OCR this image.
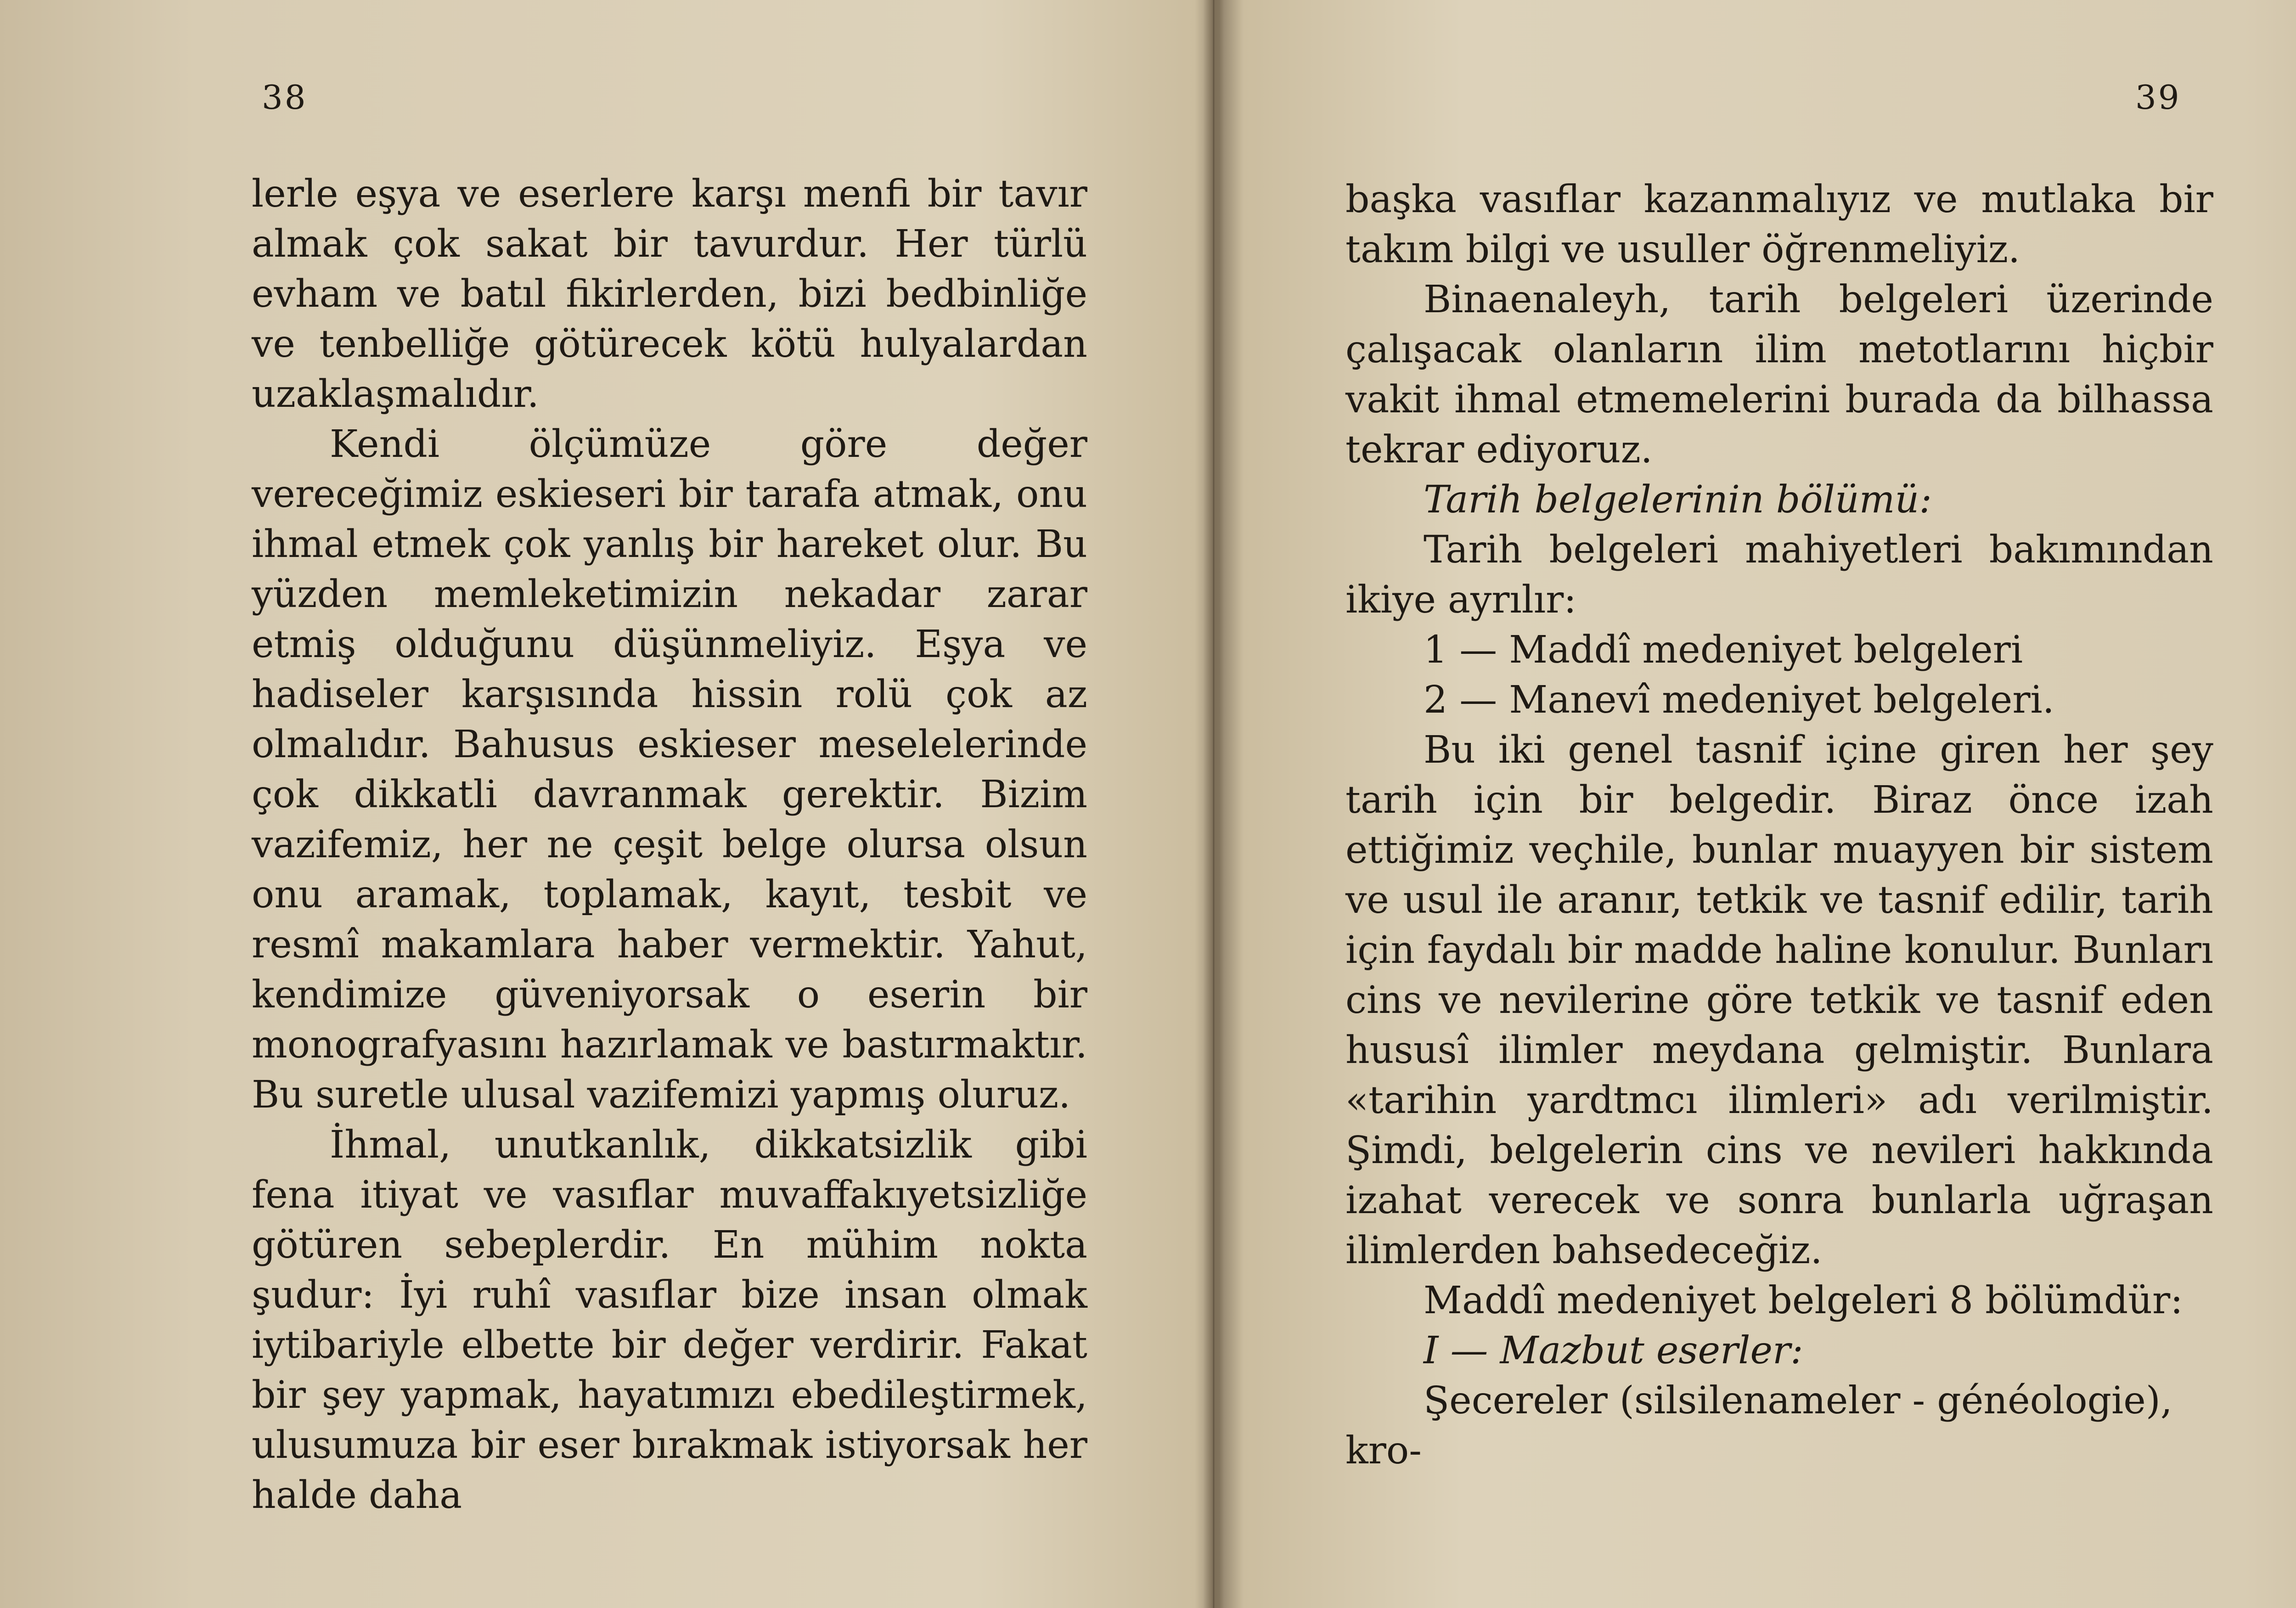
38

lerle eşya ve eserlere karşı menfi bir tavır almak çok sakat bir tavurdur. Her türlü evham ve batıl fikirlerden, bizi bedbinliğe ve tenbelliğe götürecek kötü hulyalardan uzaklaşmalıdır.

Kendi ölçümüze göre değer vereceğimiz eskieseri bir tarafa atmak, onu ihmal etmek çok yanlış bir hareket olur. Bu yüzden memleketimizin nekadar zarar etmiş olduğunu düşünmeliyiz. Eşya ve hadiseler karşısında hissin rolü çok az olmalıdır. Bahusus eskieser meselelerinde çok dikkatli davranmak gerektir. Bizim vazifemiz, her ne çeşit belge olursa olsun onu aramak, toplamak, kayıt, tesbit ve resmî makamlara haber vermektir. Yahut, kendimize güveniyorsak o eserin bir monografyasını hazırlamak ve bastırmaktır. Bu suretle ulusal vazifemizi yapmış oluruz.

İhmal, unutkanlık, dikkatsizlik gibi fena itiyat ve vasıflar muvaffakıyetsizliğe götüren sebeplerdir. En mühim nokta şudur: İyi ruhî vasıflar bize insan olmak iytibariyle elbette bir değer verdirir. Fakat bir şey yapmak, hayatımızı ebedileştirmek, ulusumuza bir eser bırakmak istiyorsak her halde daha

39

başka vasıflar kazanmalıyız ve mutlaka bir takım bilgi ve usuller öğrenmeliyiz.

Binaenaleyh, tarih belgeleri üzerinde çalışacak olanların ilim metotlarını hiçbir vakit ihmal etmemelerini burada da bilhassa tekrar ediyoruz.

Tarih belgelerinin bölümü:

Tarih belgeleri mahiyetleri bakımından ikiye ayrılır:

1 — Maddî medeniyet belgeleri

2 — Manevî medeniyet belgeleri.

Bu iki genel tasnif içine giren her şey tarih için bir belgedir. Biraz önce izah ettiğimiz veçhile, bunlar muayyen bir sistem ve usul ile aranır, tetkik ve tasnif edilir, tarih için faydalı bir madde haline konulur. Bunları cins ve nevilerine göre tetkik ve tasnif eden hususî ilimler meydana gelmiştir. Bunlara «tarihin yardtmcı ilimleri» adı verilmiştir. Şimdi, belgelerin cins ve nevileri hakkında izahat verecek ve sonra bunlarla uğraşan ilimlerden bahsedeceğiz.

Maddî medeniyet belgeleri 8 bölümdür:

I — Mazbut eserler:

Şecereler (silsilenameler - généologie), kro-
